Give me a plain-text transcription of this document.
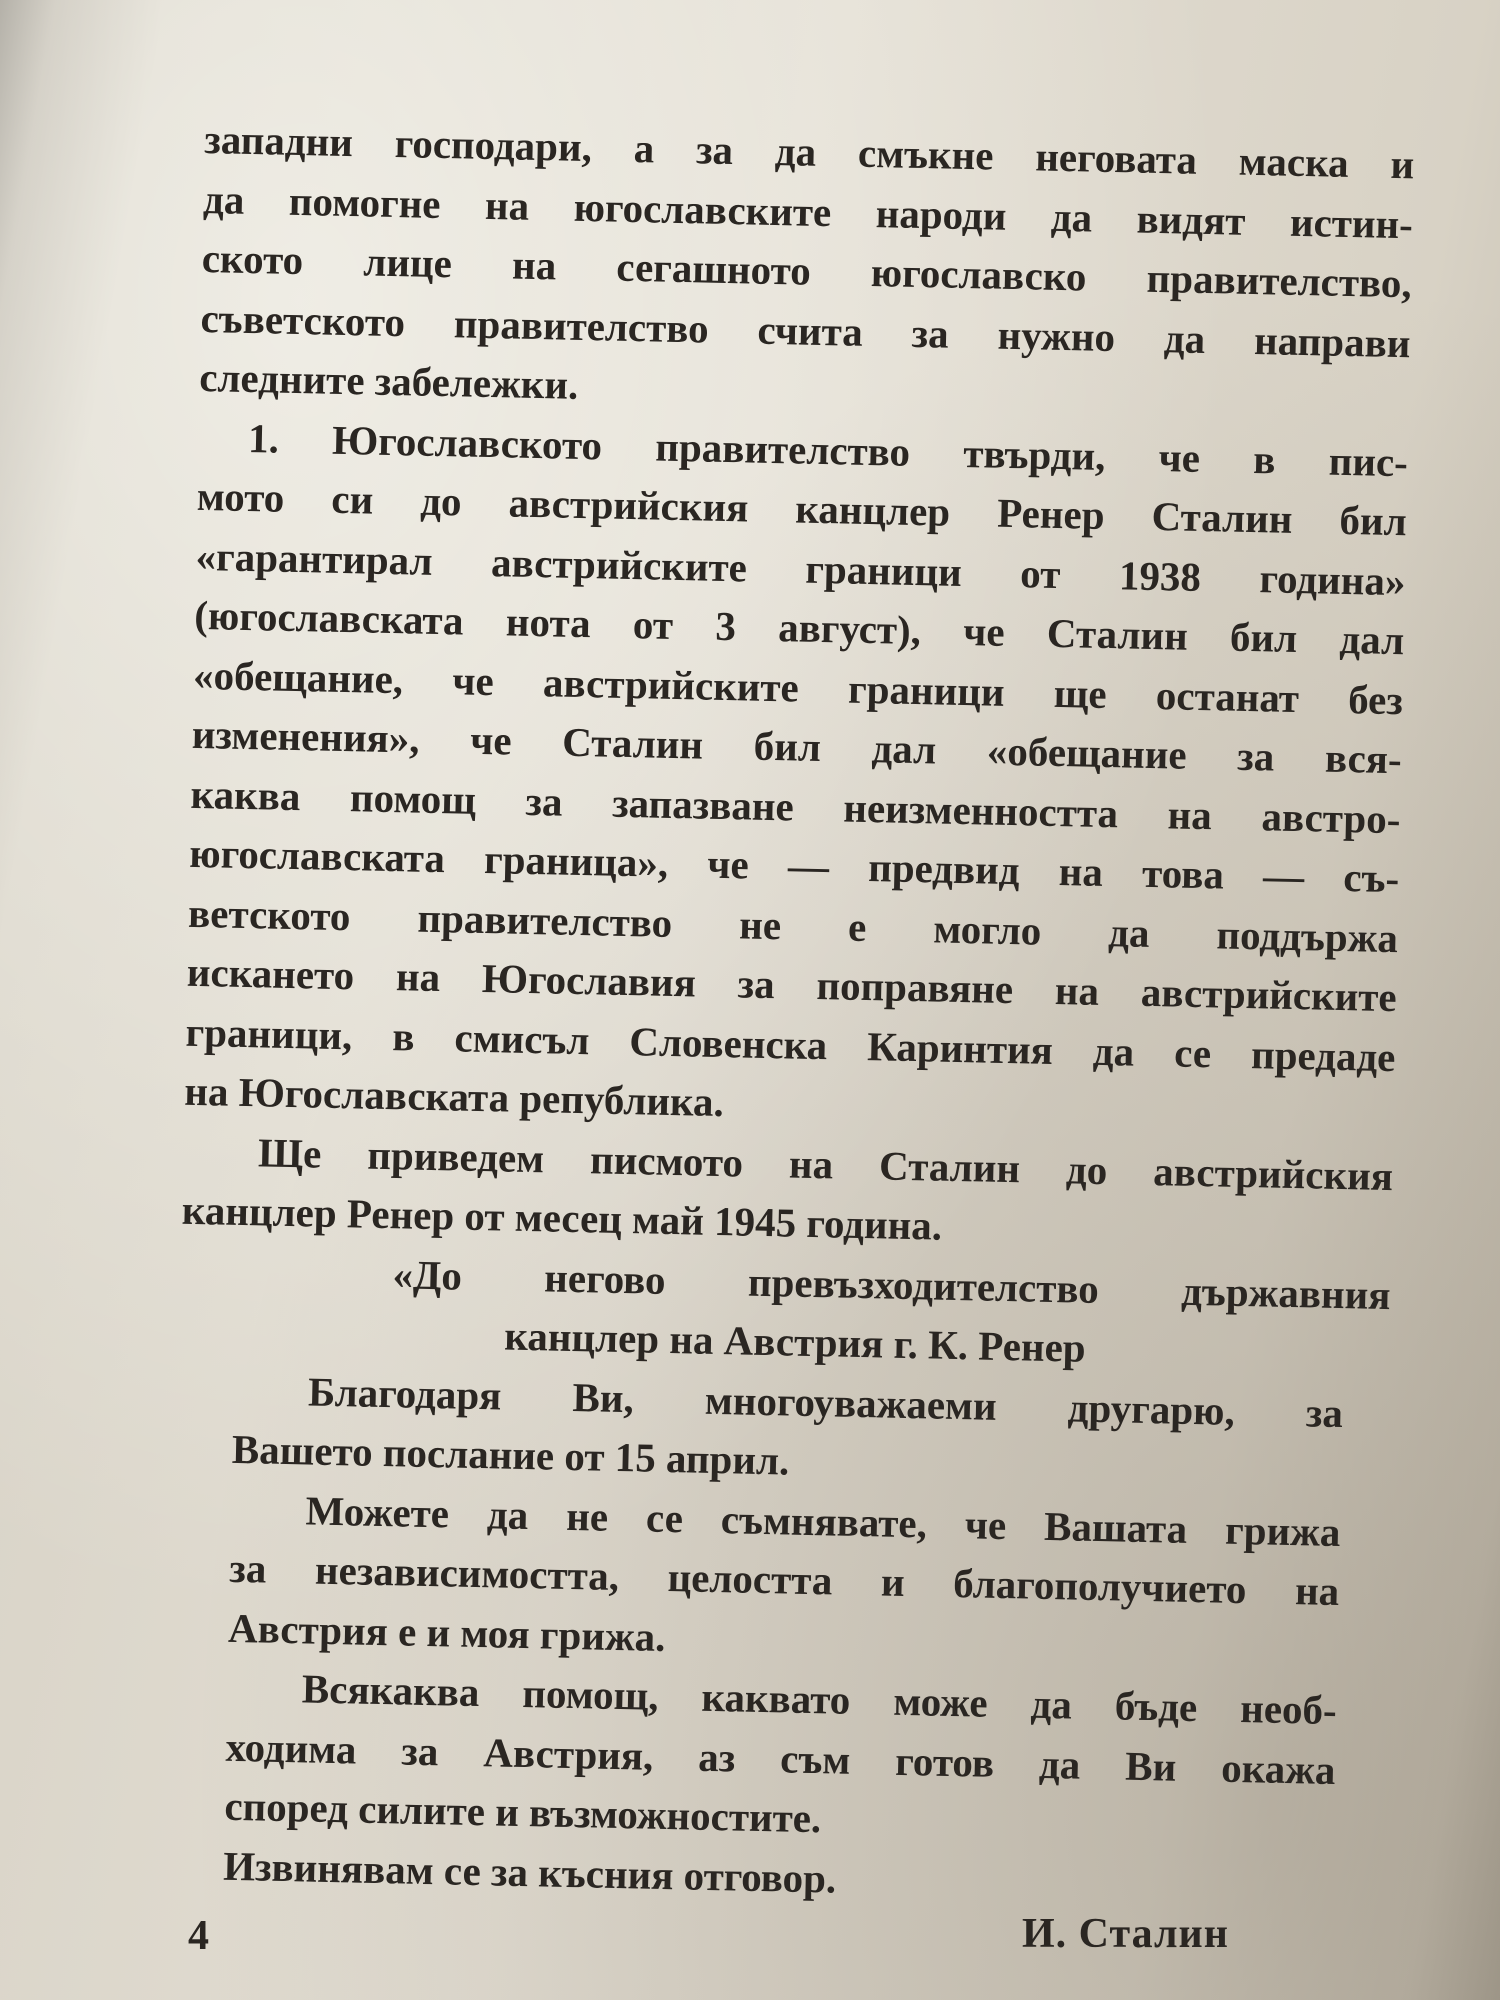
западни господари, а за да смъкне неговата маска и
да помогне на югославските народи да видят истин-
ското лице на сегашното югославско правителство,
съветското правителство счита за нужно да направи
следните забележки.
1. Югославското правителство твърди, че в пис-
мото си до австрийския канцлер Ренер Сталин бил
«гарантирал австрийските граници от 1938 година»
(югославската нота от 3 август), че Сталин бил дал
«обещание, че австрийските граници ще останат без
изменения», че Сталин бил дал «обещание за вся-
каква помощ за запазване неизменността на австро-
югославската граница», че — предвид на това — съ-
ветското правителство не е могло да поддържа
искането на Югославия за поправяне на австрийските
граници, в смисъл Словенска Каринтия да се предаде
на Югославската република.
Ще приведем писмото на Сталин до австрийския
канцлер Ренер от месец май 1945 година.
«До негово превъзходителство държавния
канцлер на Австрия г. К. Ренер
Благодаря Ви, многоуважаеми другарю, за
Вашето послание от 15 април.
Можете да не се съмнявате, че Вашата грижа
за независимостта, целостта и благополучието на
Австрия е и моя грижа.
Всякаква помощ, каквато може да бъде необ-
ходима за Австрия, аз съм готов да Ви окажа
според силите и възможностите.
Извинявам се за късния отговор.
4	И. Сталин
